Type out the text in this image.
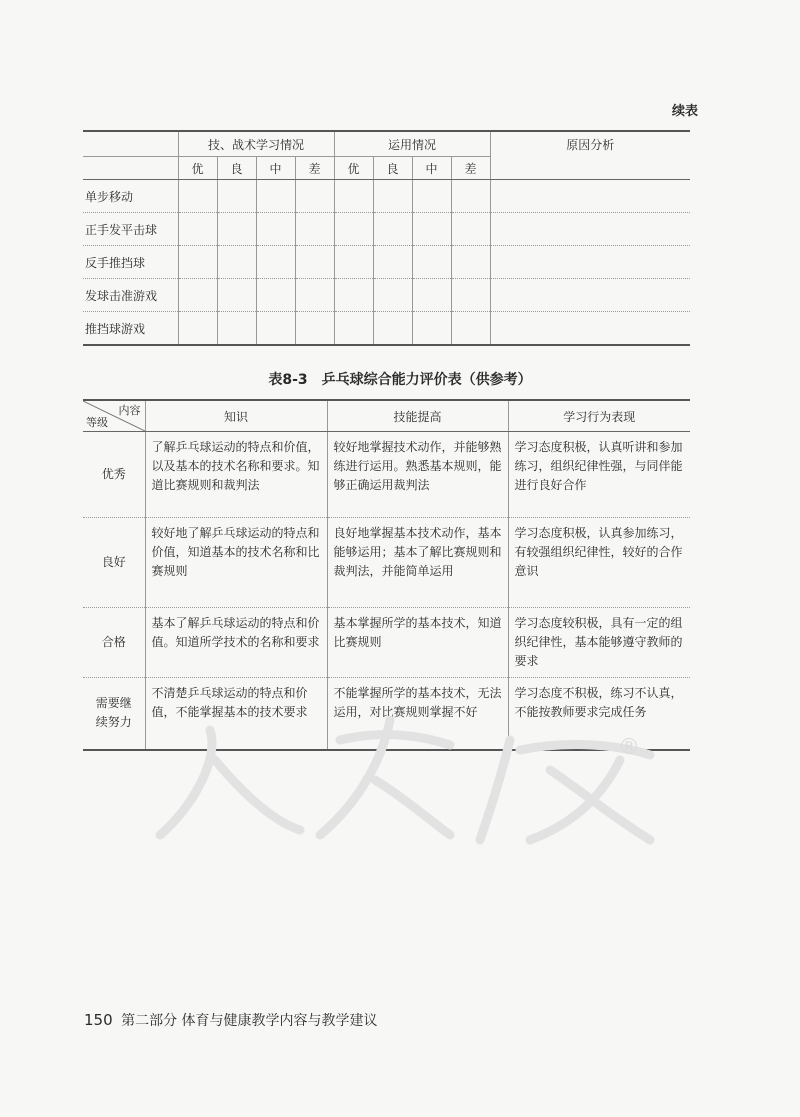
续表
	技、战术学习情况				运用情况				原因分析
	优	良	中	差	优	良	中	差	
单步移动									
正手发平击球									
反手推挡球									
发球击准游戏									
推挡球游戏									
表8-3　乒乓球综合能力评价表（供参考）
内容
等级	知识	技能提高	学习行为表现
优秀	了解乒乓球运动的特点和价值，以及基本的技术名称和要求。知道比赛规则和裁判法	较好地掌握技术动作，并能够熟练进行运用。熟悉基本规则，能够正确运用裁判法	学习态度积极，认真听讲和参加练习，组织纪律性强，与同伴能进行良好合作
良好	较好地了解乒乓球运动的特点和价值，知道基本的技术名称和比赛规则	良好地掌握基本技术动作，基本能够运用；基本了解比赛规则和裁判法，并能简单运用	学习态度积极，认真参加练习，有较强组织纪律性，较好的合作意识
合格	基本了解乒乓球运动的特点和价值。知道所学技术的名称和要求	基本掌握所学的基本技术，知道比赛规则	学习态度较积极，具有一定的组织纪律性，基本能够遵守教师的要求
需要继续努力	不清楚乒乓球运动的特点和价值，不能掌握基本的技术要求	不能掌握所学的基本技术，无法运用，对比赛规则掌握不好	学习态度不积极，练习不认真，不能按教师要求完成任务
®
150 第二部分 体育与健康教学内容与教学建议
